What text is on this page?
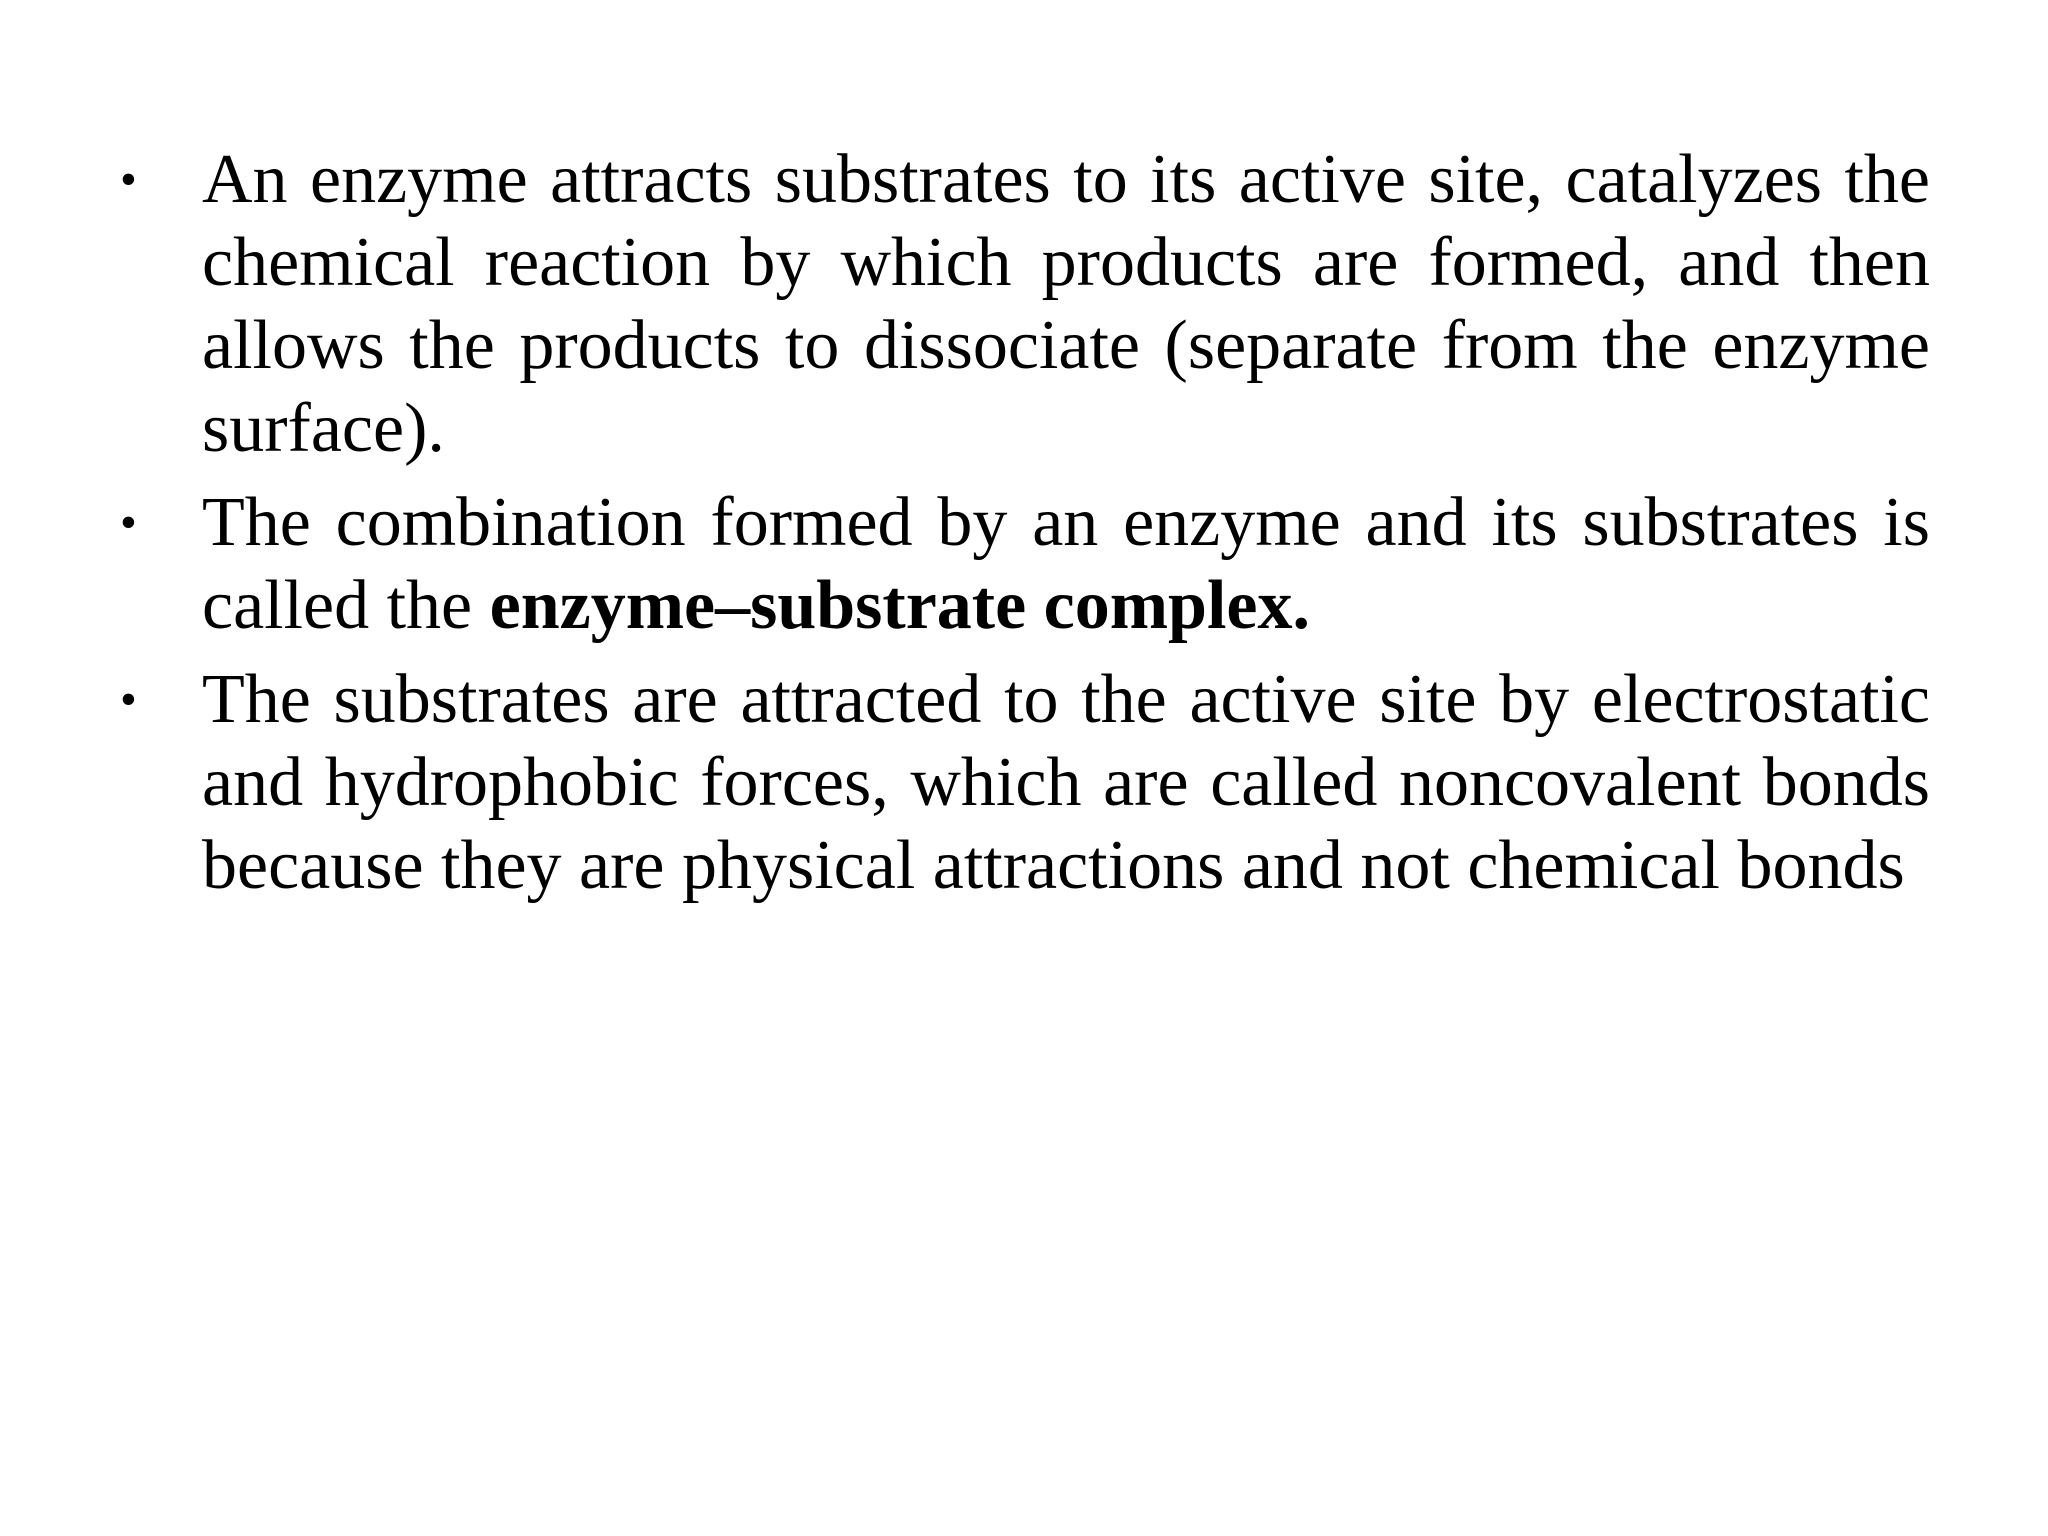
• An enzyme attracts substrates to its active site, catalyzes the chemical reaction by which products are formed, and then allows the products to dissociate (separate from the enzyme surface).
• The combination formed by an enzyme and its substrates is called the enzyme–substrate complex.
• The substrates are attracted to the active site by electrostatic and hydrophobic forces, which are called noncovalent bonds because they are physical attractions and not chemical bonds
